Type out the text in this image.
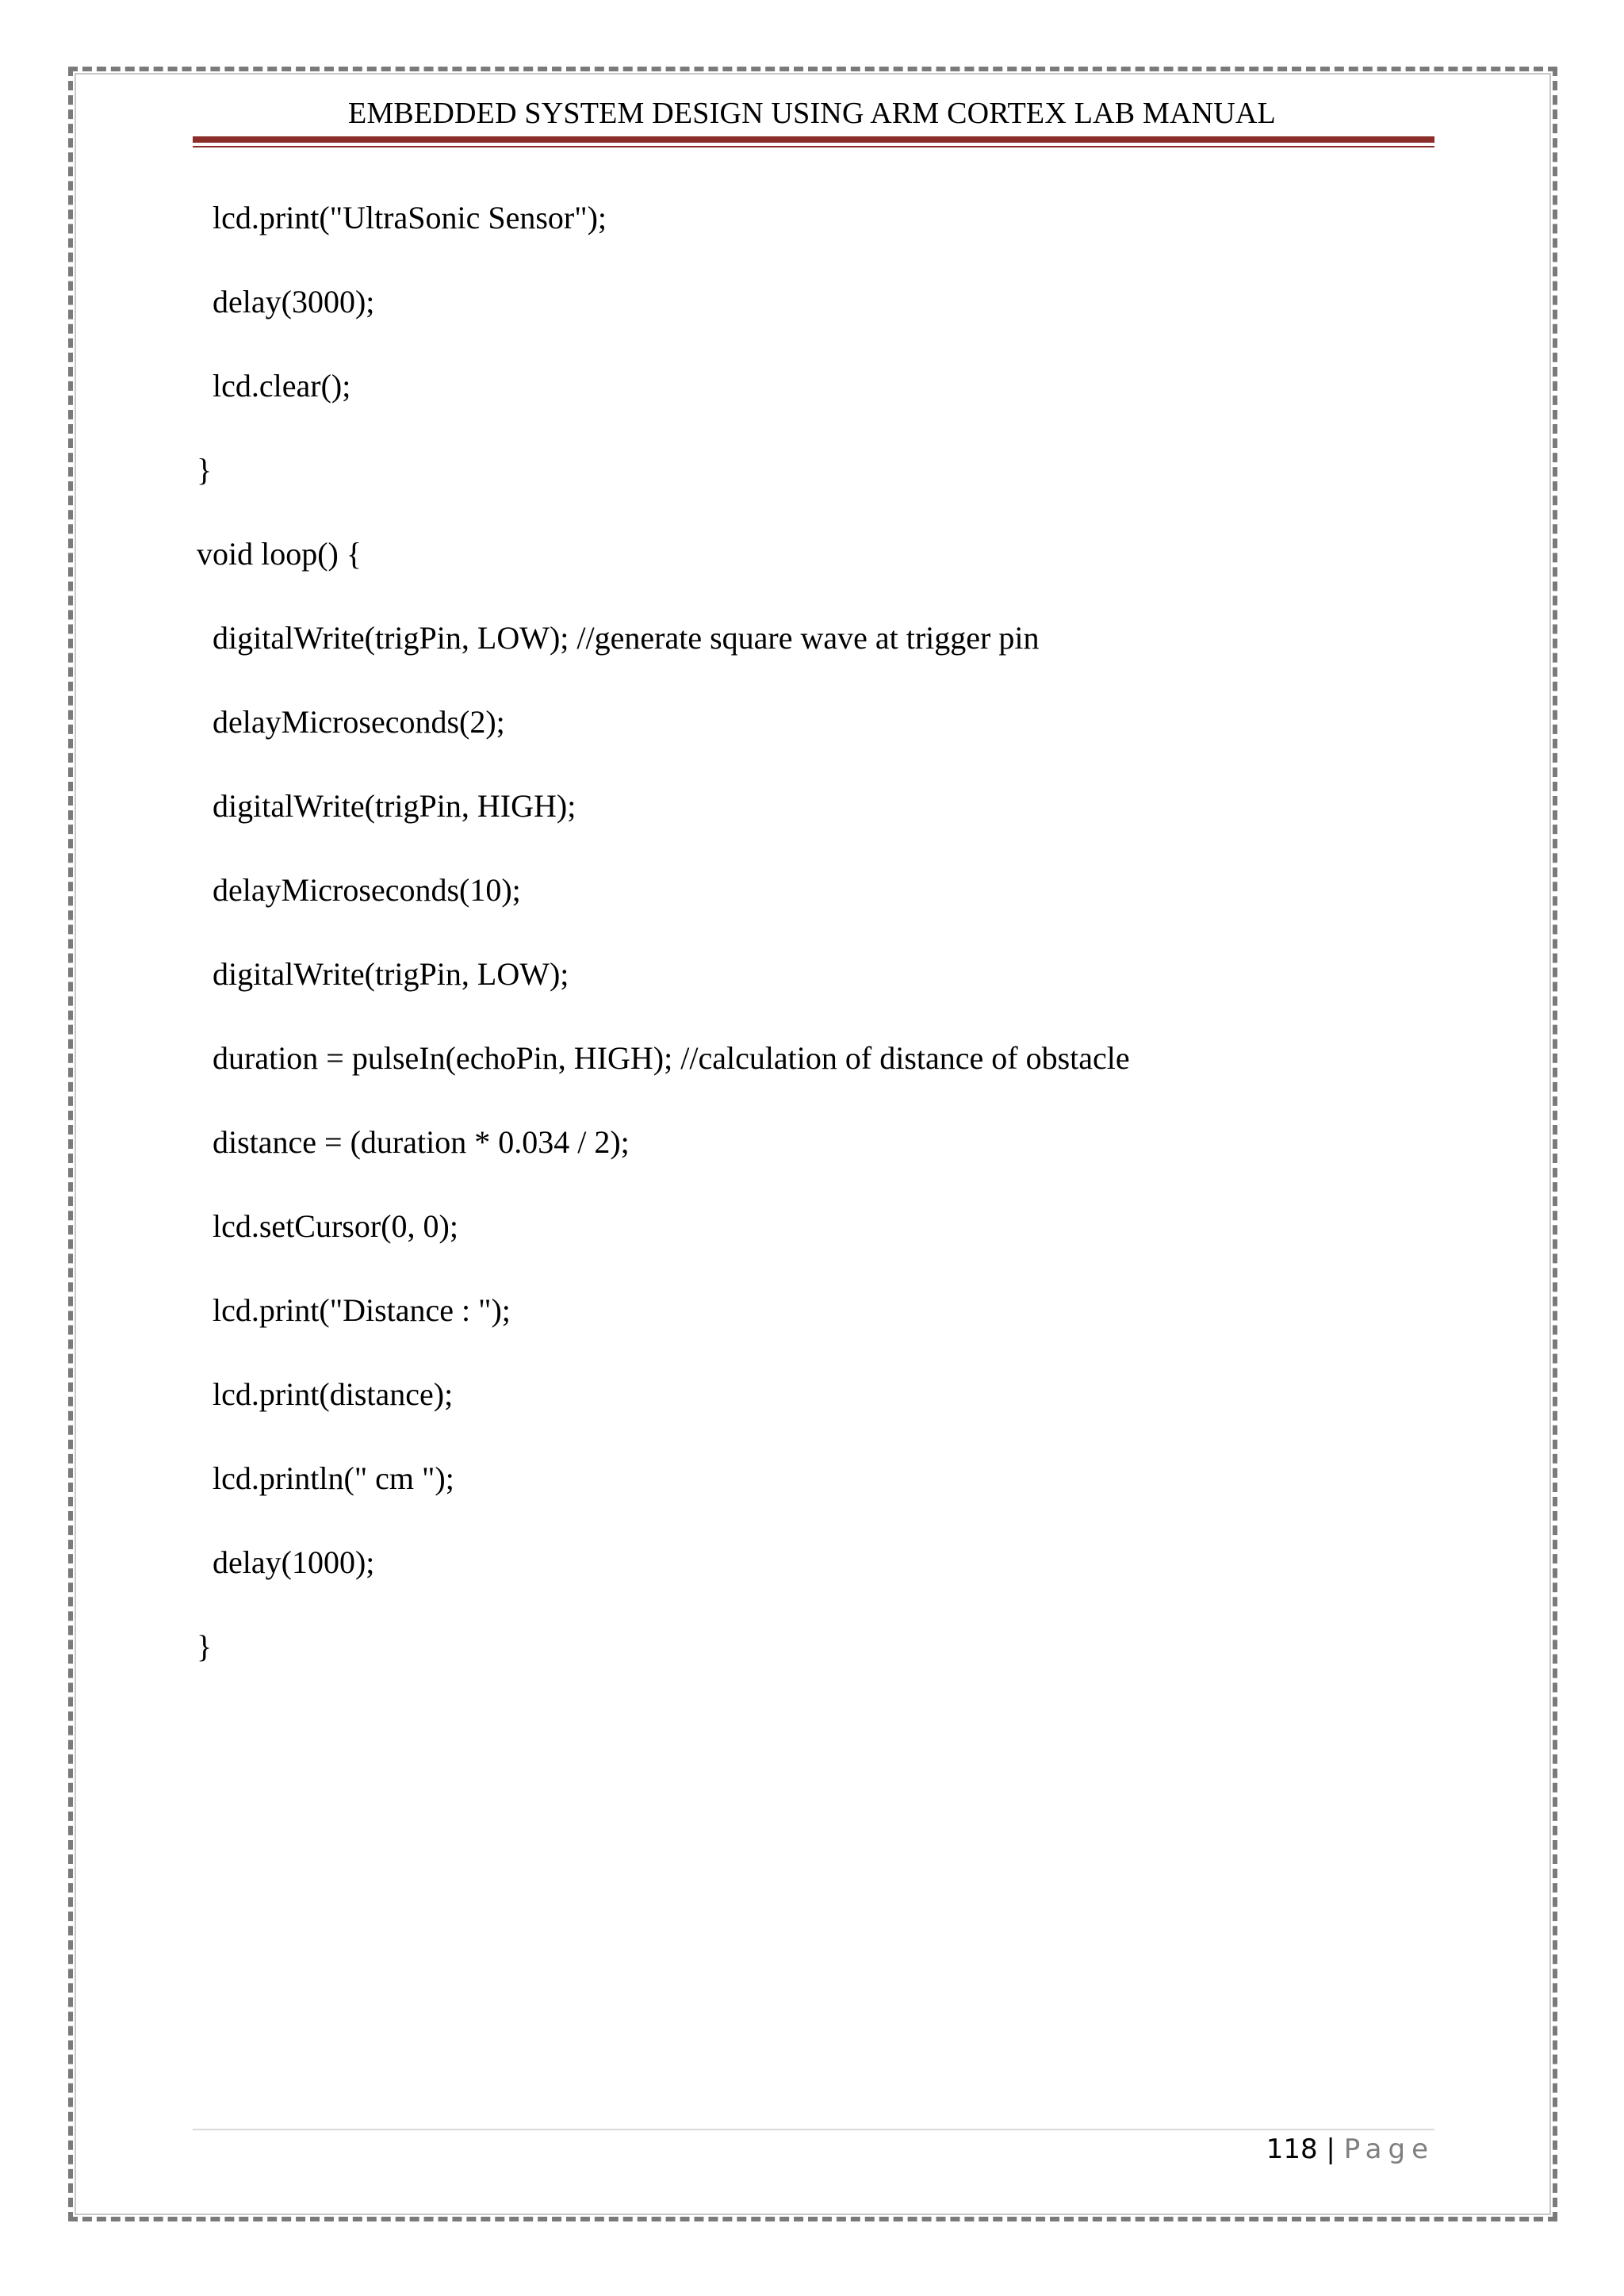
EMBEDDED SYSTEM DESIGN USING ARM CORTEX LAB MANUAL
lcd.print("UltraSonic Sensor");
delay(3000);
lcd.clear();
}
void loop() {
digitalWrite(trigPin, LOW); //generate square wave at trigger pin
delayMicroseconds(2);
digitalWrite(trigPin, HIGH);
delayMicroseconds(10);
digitalWrite(trigPin, LOW);
duration = pulseIn(echoPin, HIGH); //calculation of distance of obstacle
distance = (duration * 0.034 / 2);
lcd.setCursor(0, 0);
lcd.print("Distance : ");
lcd.print(distance);
lcd.println(" cm ");
delay(1000);
}
118 | Page
